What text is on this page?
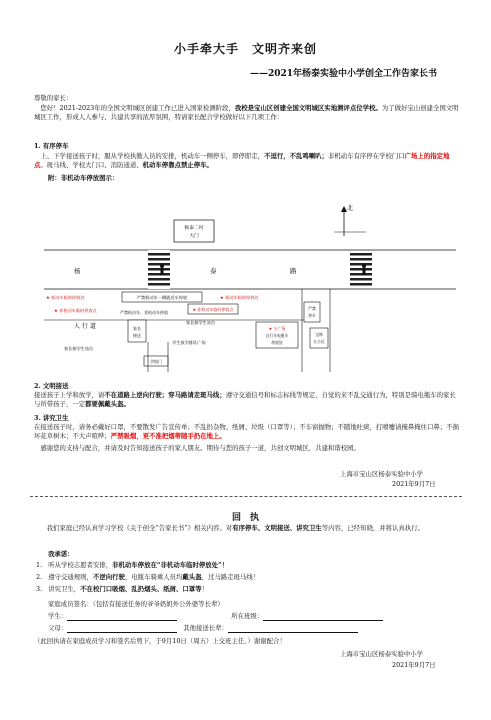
小手牵大手　文明齐来创
——2021年杨泰实验中小学创全工作告家长书
尊敬的家长：
　您好！2021-2023年的全国文明城区创建工作已进入国家检测阶段，我校是宝山区创建全国文明城区实地测评点位学校。为了做好宝山创建全国文明城区工作，形成人人参与、共建共享的浓厚氛围，特请家长配合学校做好以下几项工作：
1. 有序停车
　上、下学接送孩子时，服从学校执勤人员的安排，机动车一侧停车，即停即走，不逗行，不乱鸣喇叭；非机动车有序停在学校门口广场上的指定地点。斑马线、学校大门口、消防通道、机动车停靠点禁止停车。
附：非机动车停放图示：
杨	泰	路
北
杨泰二村
大门
严禁机动车一侧就近车停放
★ 机动车临时停放处	★ 机动车临时停放处
★ 非机动车临时停放点	★ 非机动车临时停放点
严禁机动车、非机动车停放
人 行 道
家长接学生站位
家长
接送
家长接学生站位
学校门
学生放学排队广场
★ 小广场
自行车电瓶车
停放处
严禁
停车
宝林
五小区
2. 文明接送
接送孩子上学和放学，请不在道路上逆向行驶；穿马路请走斑马线；遵守交通信号和标志标线等规定，自觉的来不乱交通行为，特别是骑电瓶车的家长与所带孩子，一定都要佩戴头盔。
3. 讲究卫生
在接送孩子时，请务必戴好口罩，不要散发广告宣传单；不乱扔杂物、纸屑、垃圾（口罩等）；不车窗抛物；不随地吐痰，打喷嚏请掩鼻掩住口鼻；不损坏花草树木；不大声喧哗；严禁吸烟，更不准把烟蒂随手扔在地上。
　感谢您的支持与配合，并请及时告知接送孩子的家人朋友。期待与您的孩子一道，共创文明城区，共建和谐校园。
上海市宝山区杨泰实验中小学
2021年9月7日
回　执
　　我们家庭已经认真学习学校《关于创全“告家长书”》相关内容。对有序停车、文明接送、讲究卫生等内容，已经知晓，并将认真执行。
我承诺：
1. 听从学校志愿者安排，非机动车停放在“非机动车临时停放处”！
2. 遵守交通规则，不逆向行驶，电瓶车骑乘人员均戴头盔，过马路走斑马线！
3. 讲究卫生，不在校门口吸烟、乱扔烟头、纸屑、口罩等！
家庭成员签名：（包括有接送任务的爷爷奶奶外公外婆等长辈）
学生：	所在班级：
父母：	其他接送长辈：
（此回执请在家庭成员学习和签名后剪下，于9月10日（周五）上交班主任。）谢谢配合！
上海市宝山区杨泰实验中小学
2021年9月7日
